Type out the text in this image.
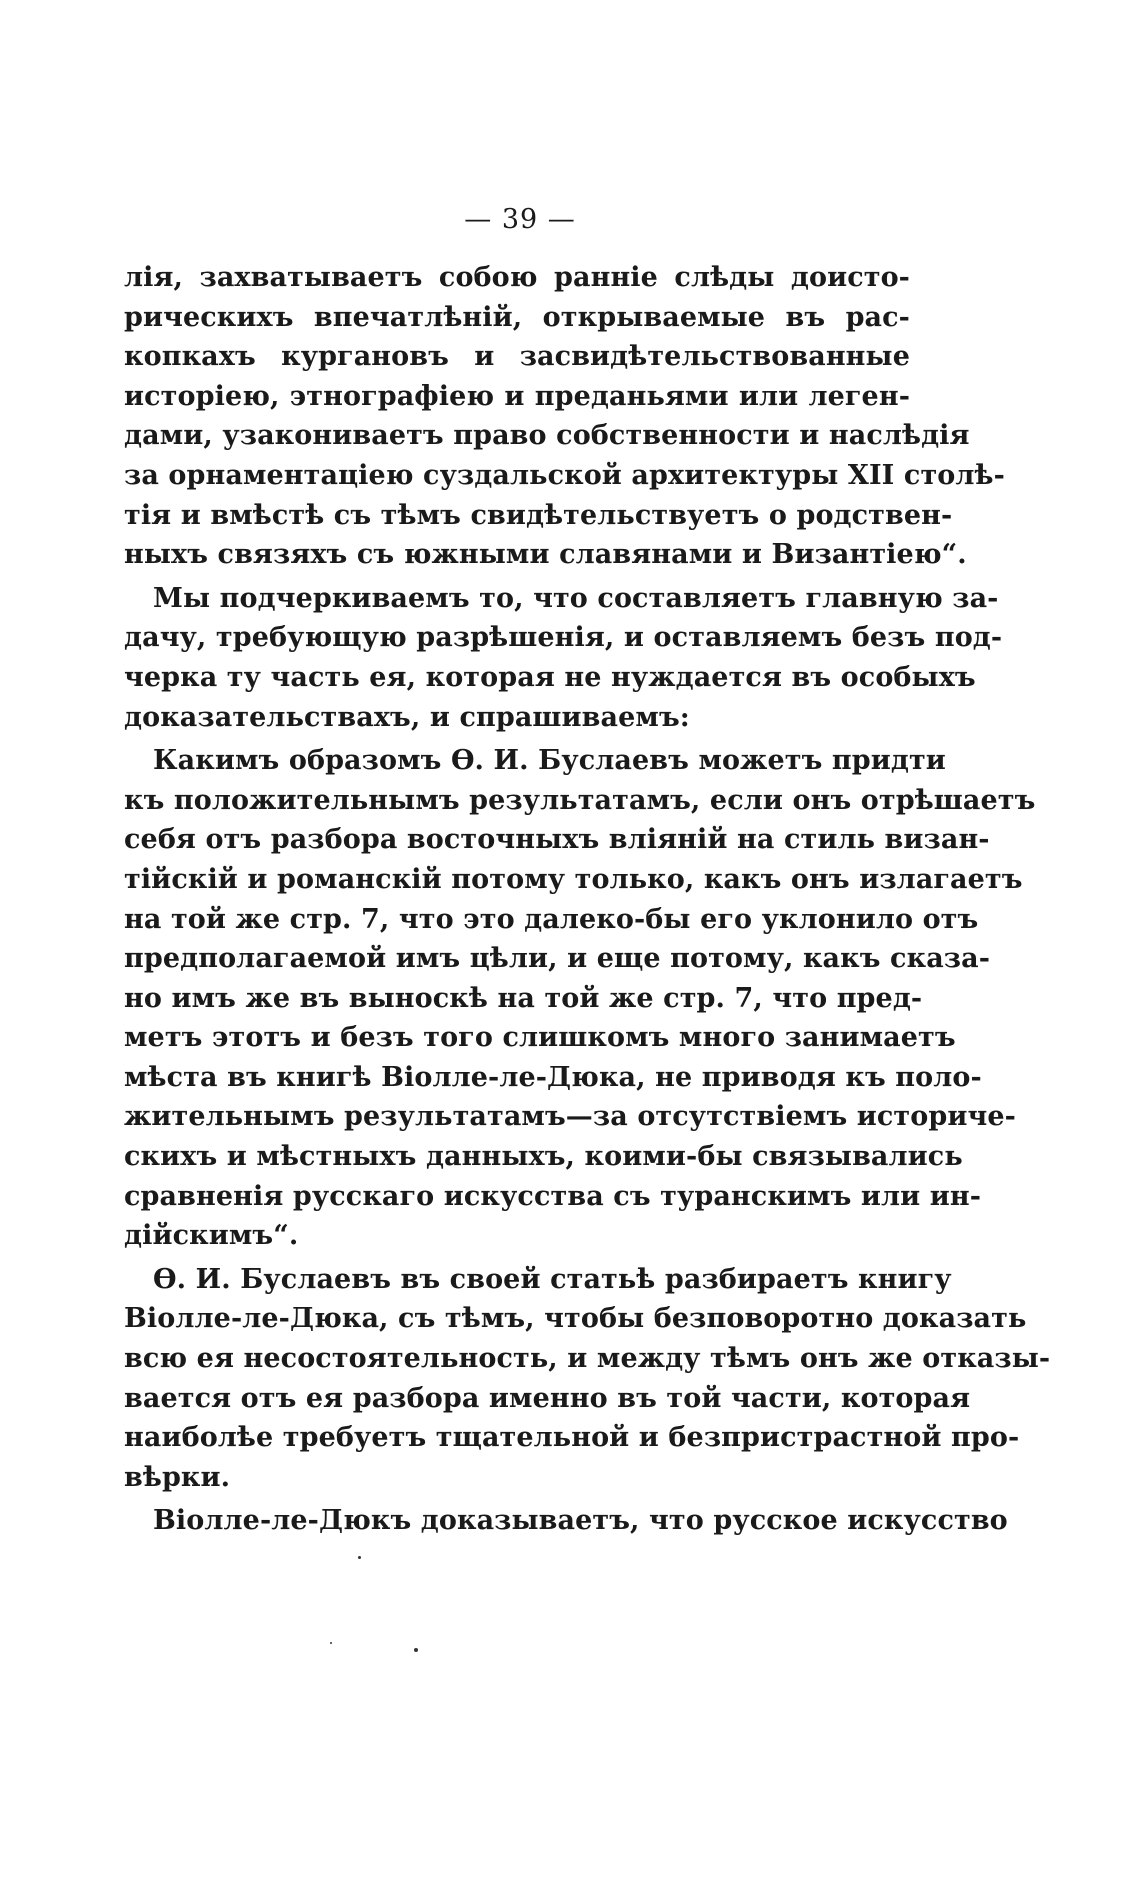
— 39 —
лія, захватываетъ собою ранніе слѣды доисто-
рическихъ впечатлѣній, открываемые въ рас-
копкахъ кургановъ и засвидѣтельствованные
исторіею, этнографіею и преданьями или леген-
дами, узакониваетъ право собственности и наслѣдія
за орнаментаціею суздальской архитектуры XII столѣ-
тія и вмѣстѣ съ тѣмъ свидѣтельствуетъ о родствен-
ныхъ связяхъ съ южными славянами и Византіею“.
Мы подчеркиваемъ то, что составляетъ главную за-
дачу, требующую разрѣшенія, и оставляемъ безъ под-
черка ту часть ея, которая не нуждается въ особыхъ
доказательствахъ, и спрашиваемъ:
Какимъ образомъ Ѳ. И. Буслаевъ можетъ придти
къ положительнымъ результатамъ, если онъ отрѣшаетъ
себя отъ разбора восточныхъ вліяній на стиль визан-
тійскій и романскій потому только, какъ онъ излагаетъ
на той же стр. 7, что это далеко-бы его уклонило отъ
предполагаемой имъ цѣли, и еще потому, какъ сказа-
но имъ же въ выноскѣ на той же стр. 7, что пред-
метъ этотъ и безъ того слишкомъ много занимаетъ
мѣста въ книгѣ Віолле-ле-Дюка, не приводя къ поло-
жительнымъ результатамъ—за отсутствіемъ историче-
скихъ и мѣстныхъ данныхъ, коими-бы связывались
сравненія русскаго искусства съ туранскимъ или ин-
дійскимъ“.
Ѳ. И. Буслаевъ въ своей статьѣ разбираетъ книгу
Віолле-ле-Дюка, съ тѣмъ, чтобы безповоротно доказать
всю ея несостоятельность, и между тѣмъ онъ же отказы-
вается отъ ея разбора именно въ той части, которая
наиболѣе требуетъ тщательной и безпристрастной про-
вѣрки.
Віолле-ле-Дюкъ доказываетъ, что русское искусство
